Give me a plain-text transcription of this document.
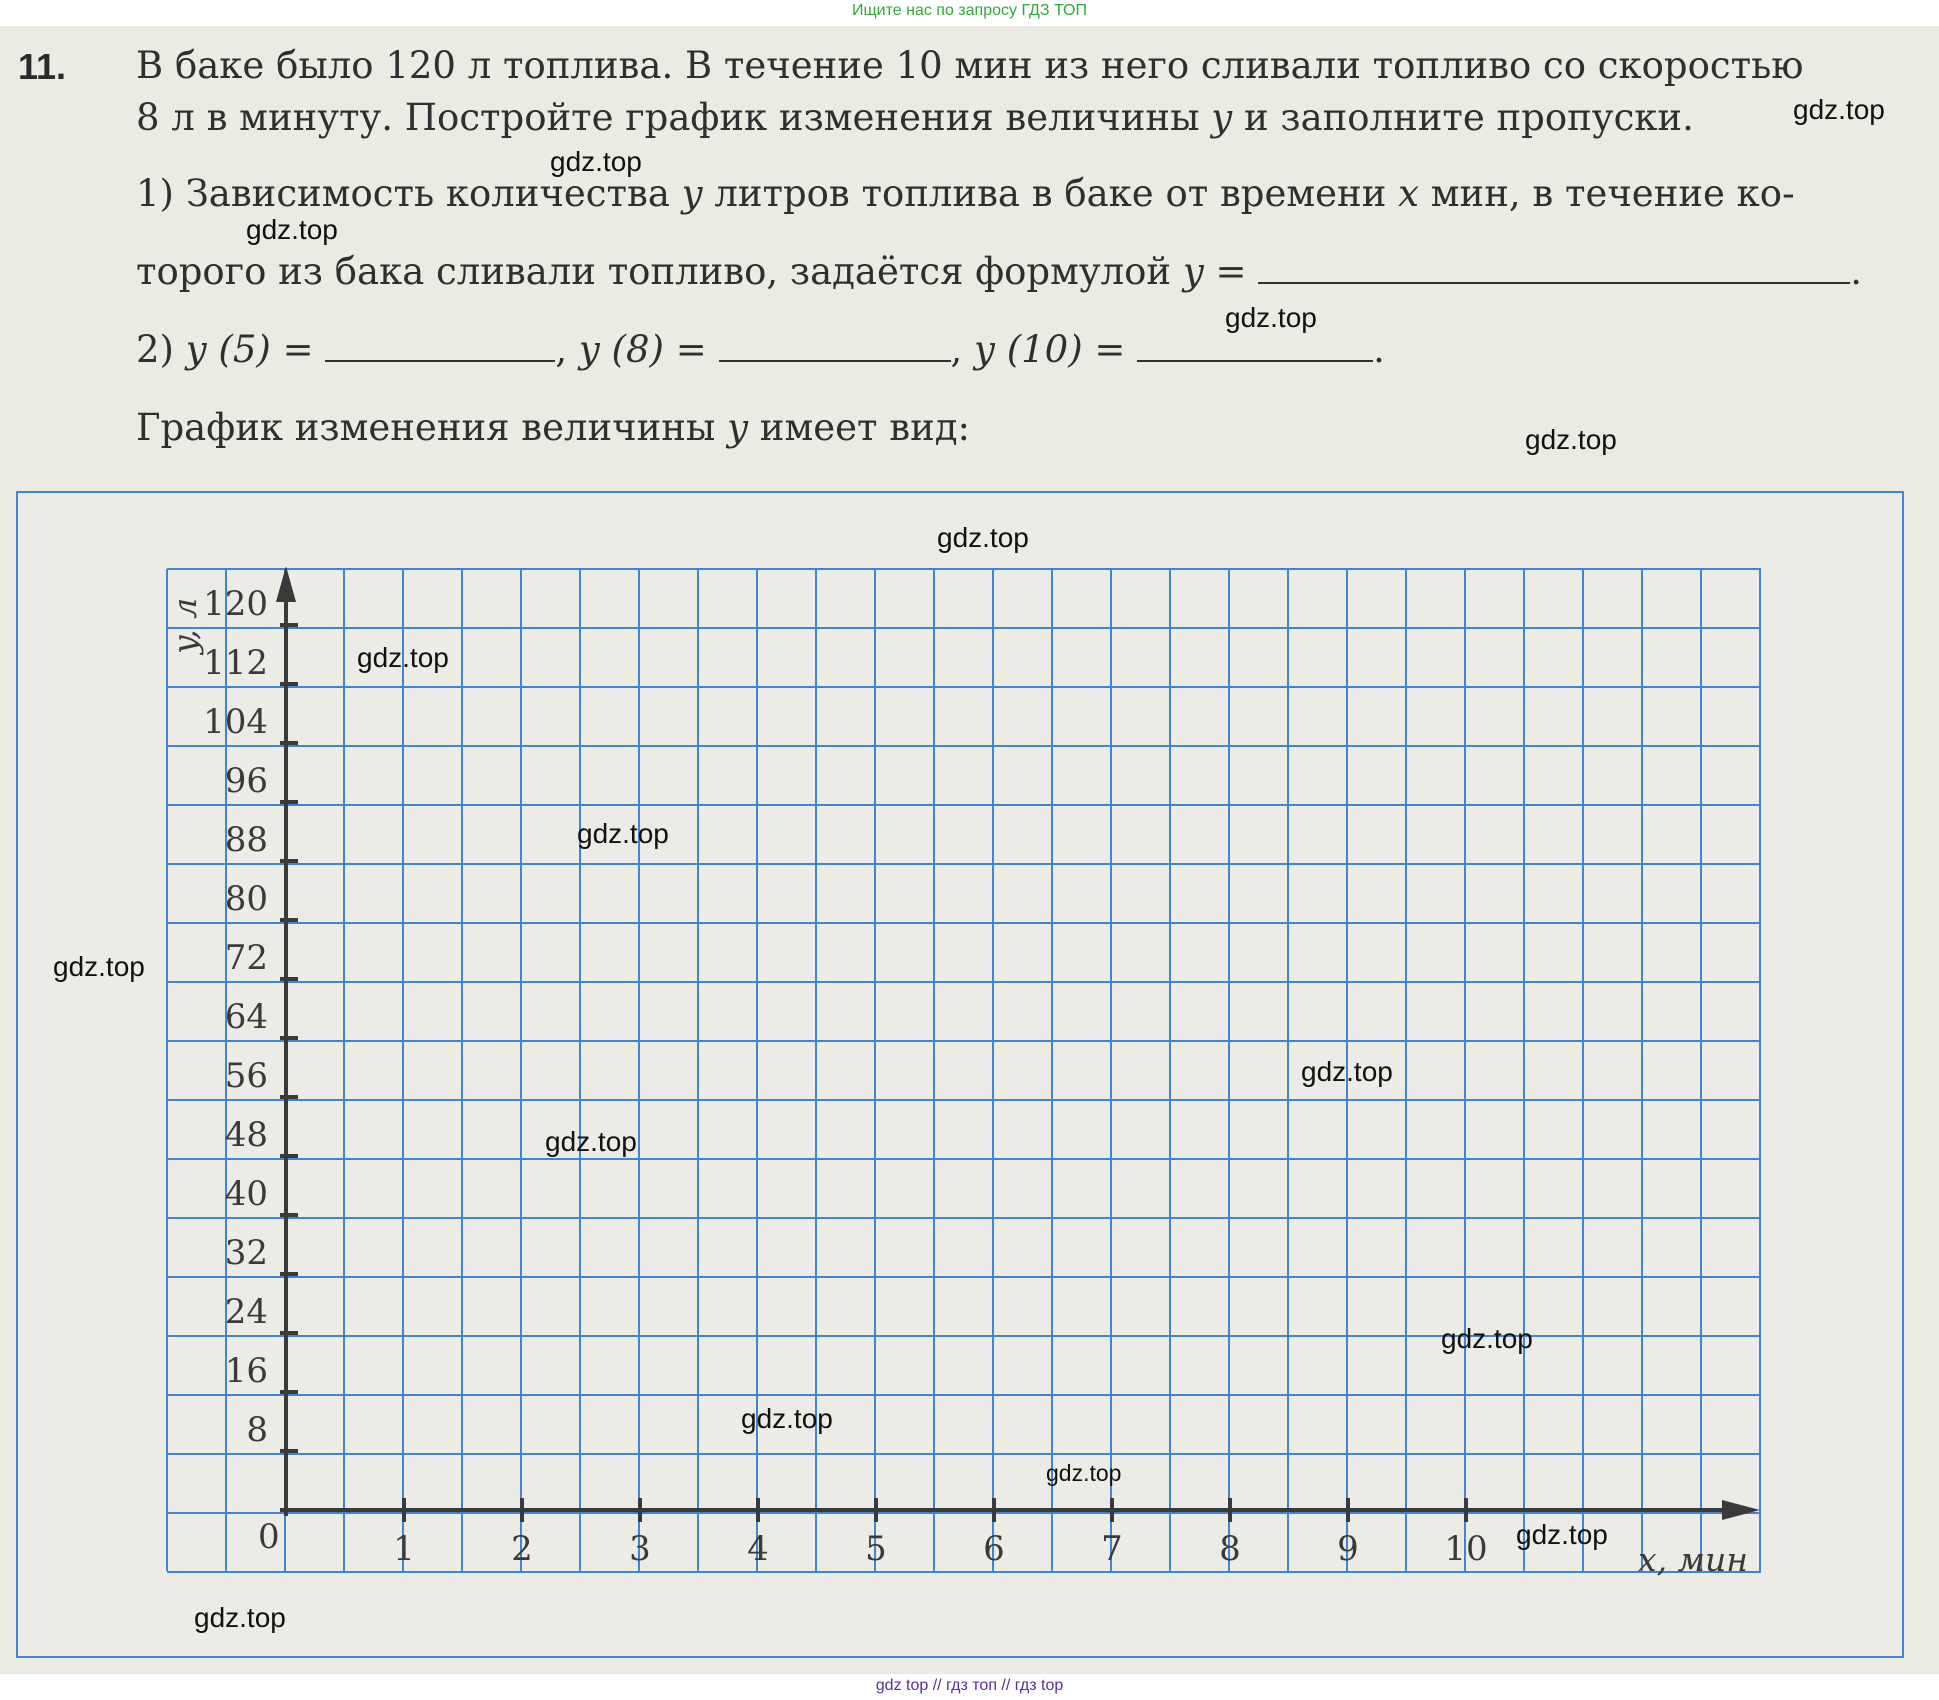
Ищите нас по запросу ГДЗ ТОП
11. В баке было 120 л топлива. В течение 10 мин из него сливали топливо со скоростью
8 л в минуту. Постройте график изменения величины y и заполните пропуски.
1) Зависимость количества y литров топлива в баке от времени x мин, в течение ко-
торого из бака сливали топливо, задаётся формулой y =	.
2) y (5) =	, y (8) =	, y (10) =	.
График изменения величины y имеет вид:
1	2	3	4	5	6	7	8	9	10
8
16
24
32
40
48
56
64
72
80
88
96
104
112
120
y, л
x, мин
0
gdz.top
gdz.top
gdz.top
gdz.top
gdz.top
gdz.top
gdz.top
gdz.top
gdz.top
gdz.top
gdz.top
gdz.top
gdz.top
gdz.top
gdz.top
gdz.top
gdz top // гдз топ // гдз top
